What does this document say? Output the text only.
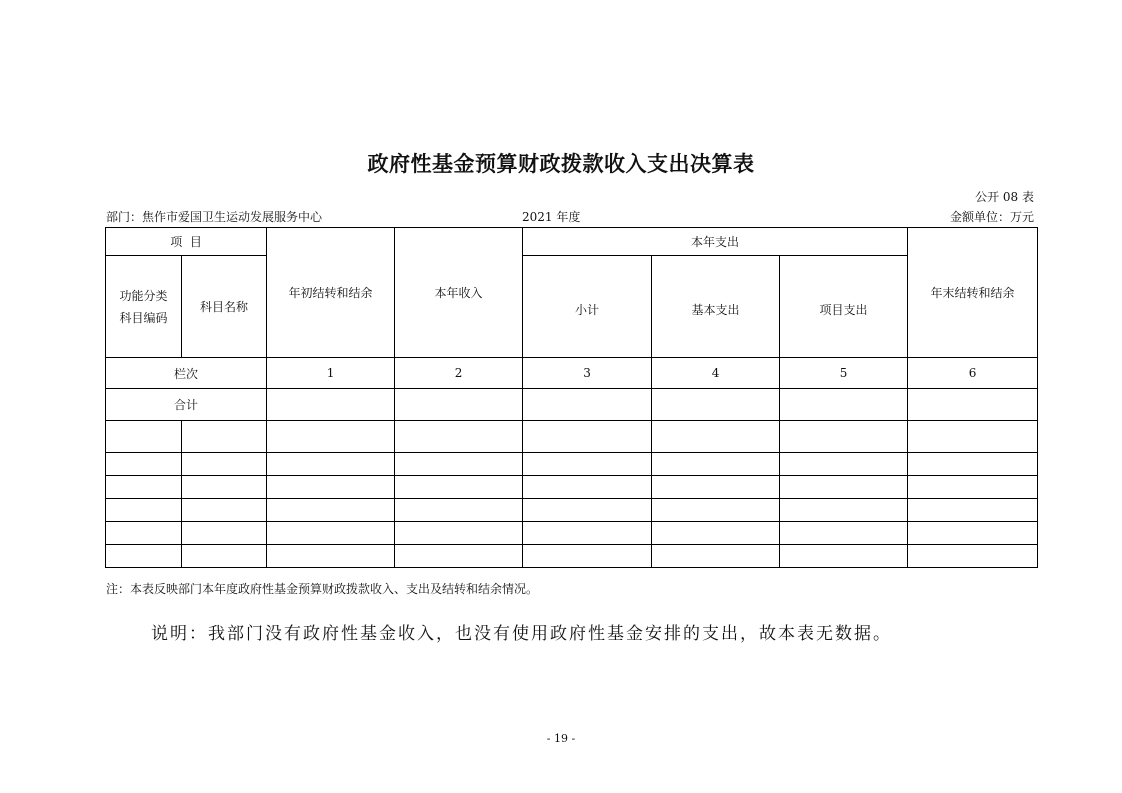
政府性基金预算财政拨款收入支出决算表
公开 08 表
部门：焦作市爱国卫生运动发展服务中心	2021 年度	金额单位：万元
项  目		年初结转和结余	本年收入	本年支出			年末结转和结余
功能分类科目编码	科目名称			小计	基本支出	项目支出	
栏次		1	2	3	4	5	6
合计							

注：本表反映部门本年度政府性基金预算财政拨款收入、支出及结转和结余情况。
说明：我部门没有政府性基金收入，也没有使用政府性基金安排的支出，故本表无数据。
- 19 -
